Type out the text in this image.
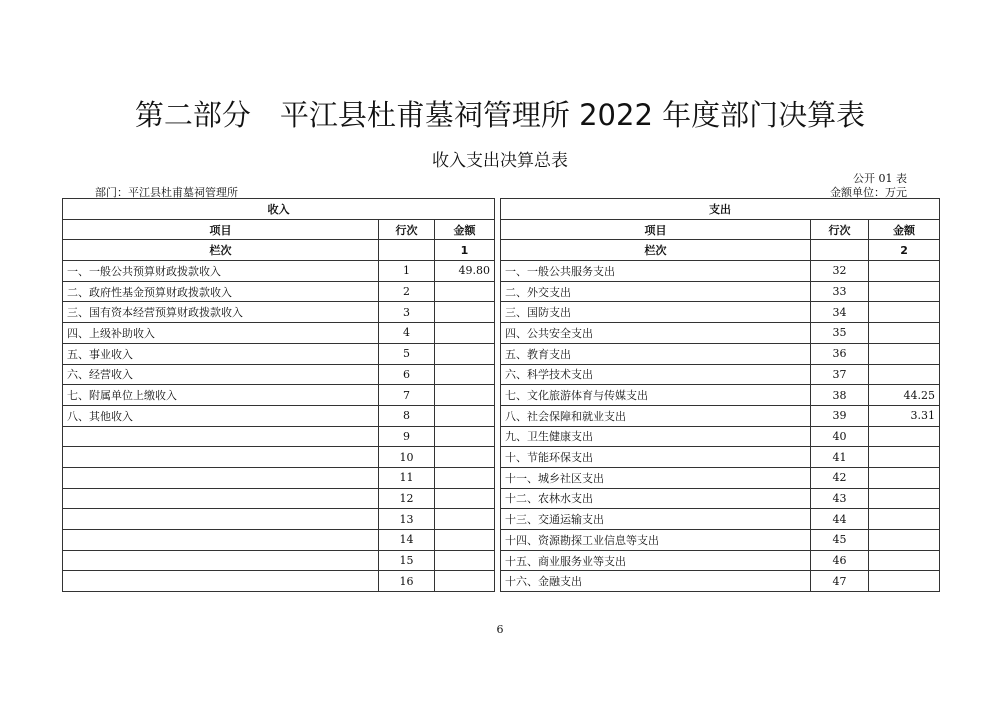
第二部分　平江县杜甫墓祠管理所 2022 年度部门决算表
收入支出决算总表
公开 01 表
部门：平江县杜甫墓祠管理所	金额单位：万元
收入				支出		
项目	行次	金额		项目	行次	金额
栏次		1		栏次		2
一、一般公共预算财政拨款收入	1	49.80		一、一般公共服务支出	32	
二、政府性基金预算财政拨款收入	2			二、外交支出	33	
三、国有资本经营预算财政拨款收入	3			三、国防支出	34	
四、上级补助收入	4			四、公共安全支出	35	
五、事业收入	5			五、教育支出	36	
六、经营收入	6			六、科学技术支出	37	
七、附属单位上缴收入	7			七、文化旅游体育与传媒支出	38	44.25
八、其他收入	8			八、社会保障和就业支出	39	3.31
	9			九、卫生健康支出	40	
	10			十、节能环保支出	41	
	11			十一、城乡社区支出	42	
	12			十二、农林水支出	43	
	13			十三、交通运输支出	44	
	14			十四、资源勘探工业信息等支出	45	
	15			十五、商业服务业等支出	46	
	16			十六、金融支出	47	
6
